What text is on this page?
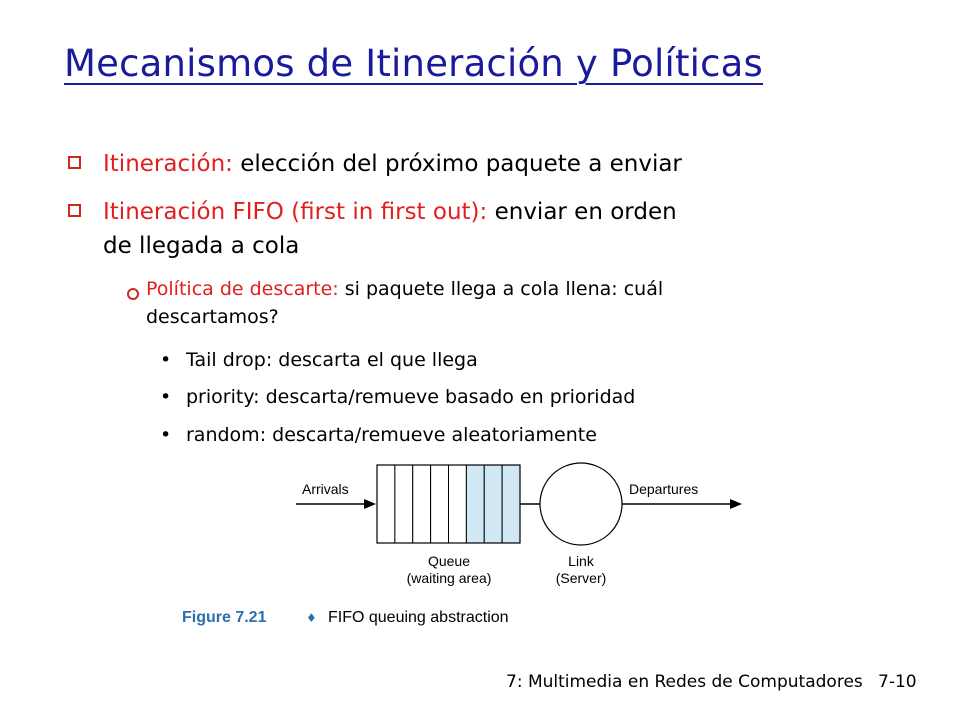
Mecanismos de Itineración y Políticas
Itineración: elección del próximo paquete a enviar
Itineración FIFO (first in first out): enviar en orden
de llegada a cola
Política de descarte: si paquete llega a cola llena: cuál
descartamos?
• Tail drop: descarta el que llega
• priority: descarta/remueve basado en prioridad
• random: descarta/remueve aleatoriamente
Arrivals	Departures
Queue
(waiting area)
Link
(Server)
Figure 7.21	♦ FIFO queuing abstraction
7: Multimedia en Redes de Computadores 7-10
